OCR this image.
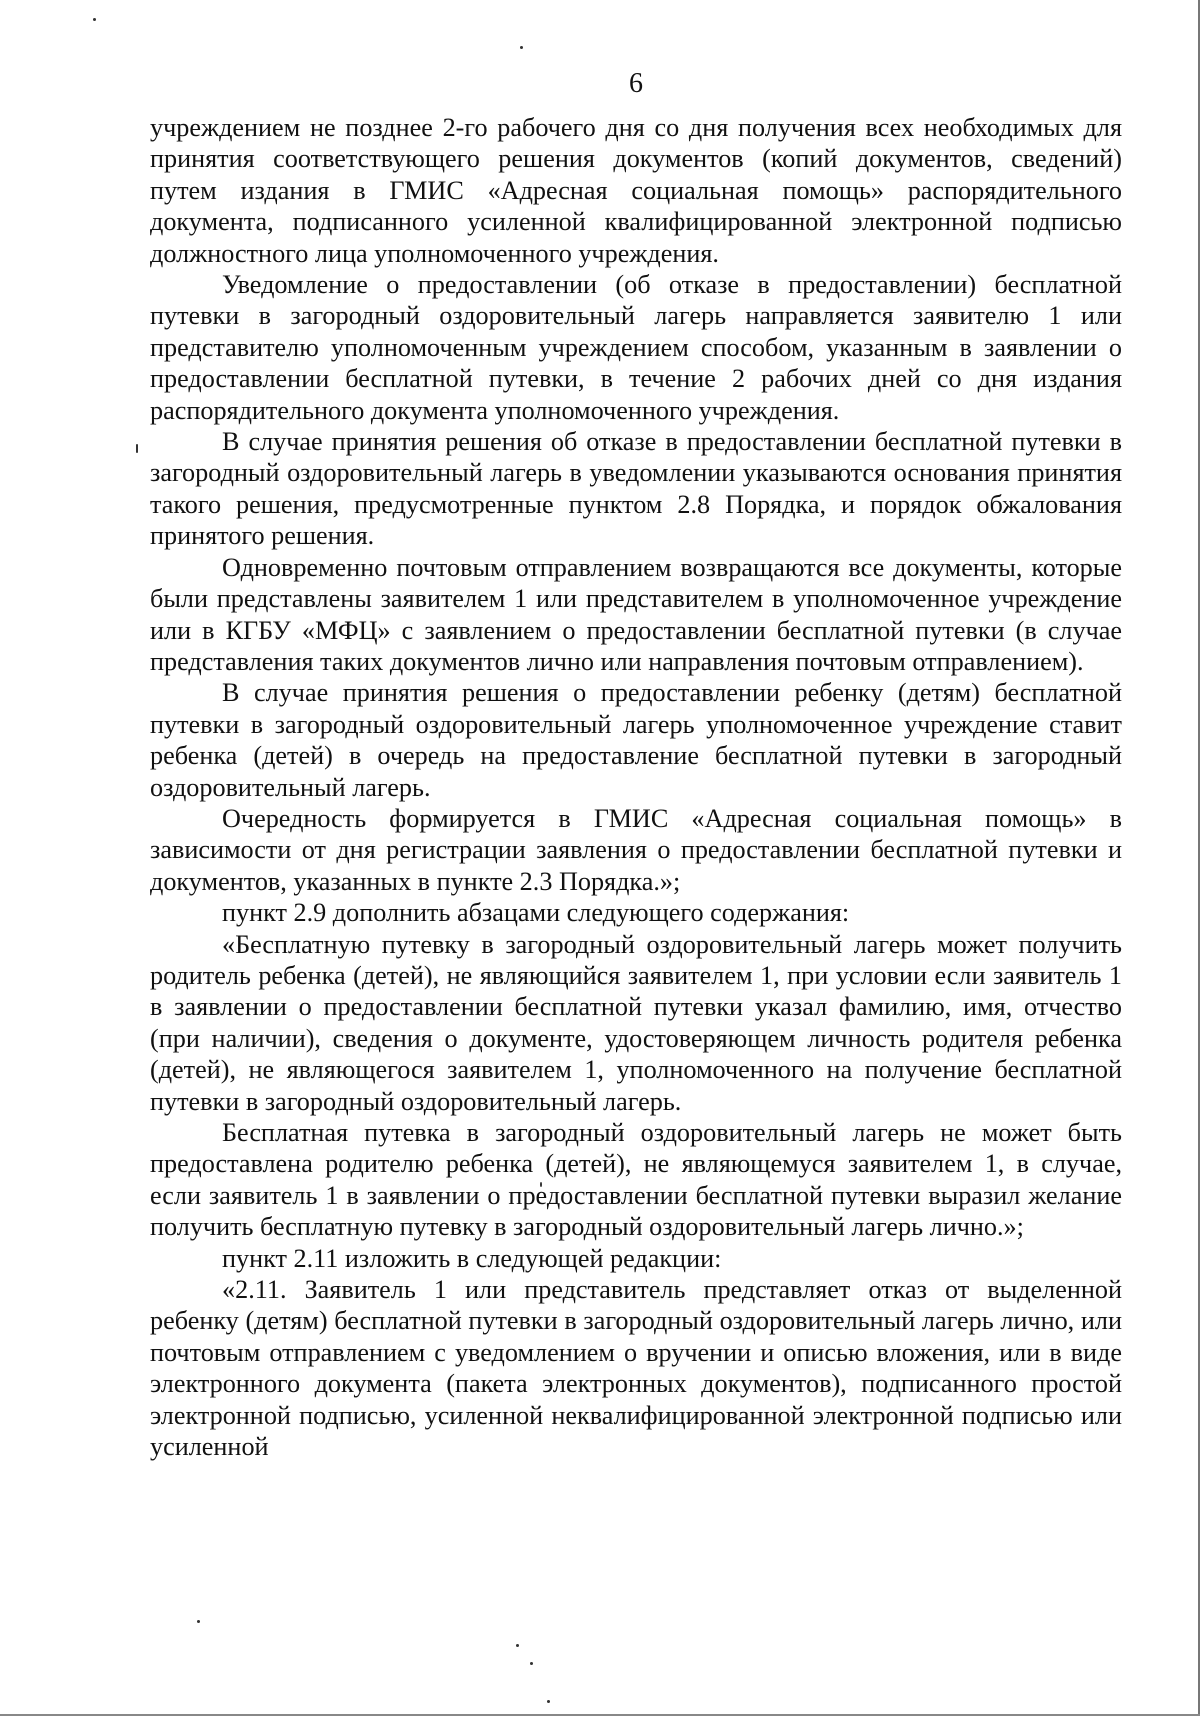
6

учреждением не позднее 2-го рабочего дня со дня получения всех необходимых для принятия соответствующего решения документов (копий документов, сведений) путем издания в ГМИС «Адресная социальная помощь» распорядительного документа, подписанного усиленной квалифицированной электронной подписью должностного лица уполномоченного учреждения.

Уведомление о предоставлении (об отказе в предоставлении) бесплатной путевки в загородный оздоровительный лагерь направляется заявителю 1 или представителю уполномоченным учреждением способом, указанным в заявлении о предоставлении бесплатной путевки, в течение 2 рабочих дней со дня издания распорядительного документа уполномоченного учреждения.

В случае принятия решения об отказе в предоставлении бесплатной путевки в загородный оздоровительный лагерь в уведомлении указываются основания принятия такого решения, предусмотренные пунктом 2.8 Порядка, и порядок обжалования принятого решения.

Одновременно почтовым отправлением возвращаются все документы, которые были представлены заявителем 1 или представителем в уполномоченное учреждение или в КГБУ «МФЦ» с заявлением о предоставлении бесплатной путевки (в случае представления таких документов лично или направления почтовым отправлением).

В случае принятия решения о предоставлении ребенку (детям) бесплатной путевки в загородный оздоровительный лагерь уполномоченное учреждение ставит ребенка (детей) в очередь на предоставление бесплатной путевки в загородный оздоровительный лагерь.

Очередность формируется в ГМИС «Адресная социальная помощь» в зависимости от дня регистрации заявления о предоставлении бесплатной путевки и документов, указанных в пункте 2.3 Порядка.»;

пункт 2.9 дополнить абзацами следующего содержания:

«Бесплатную путевку в загородный оздоровительный лагерь может получить родитель ребенка (детей), не являющийся заявителем 1, при условии если заявитель 1 в заявлении о предоставлении бесплатной путевки указал фамилию, имя, отчество (при наличии), сведения о документе, удостоверяющем личность родителя ребенка (детей), не являющегося заявителем 1, уполномоченного на получение бесплатной путевки в загородный оздоровительный лагерь.

Бесплатная путевка в загородный оздоровительный лагерь не может быть предоставлена родителю ребенка (детей), не являющемуся заявителем 1, в случае, если заявитель 1 в заявлении о предоставлении бесплатной путевки выразил желание получить бесплатную путевку в загородный оздоровительный лагерь лично.»;

пункт 2.11 изложить в следующей редакции:

«2.11. Заявитель 1 или представитель представляет отказ от выделенной ребенку (детям) бесплатной путевки в загородный оздоровительный лагерь лично, или почтовым отправлением с уведомлением о вручении и описью вложения, или в виде электронного документа (пакета электронных документов), подписанного простой электронной подписью, усиленной неквалифицированной электронной подписью или усиленной
